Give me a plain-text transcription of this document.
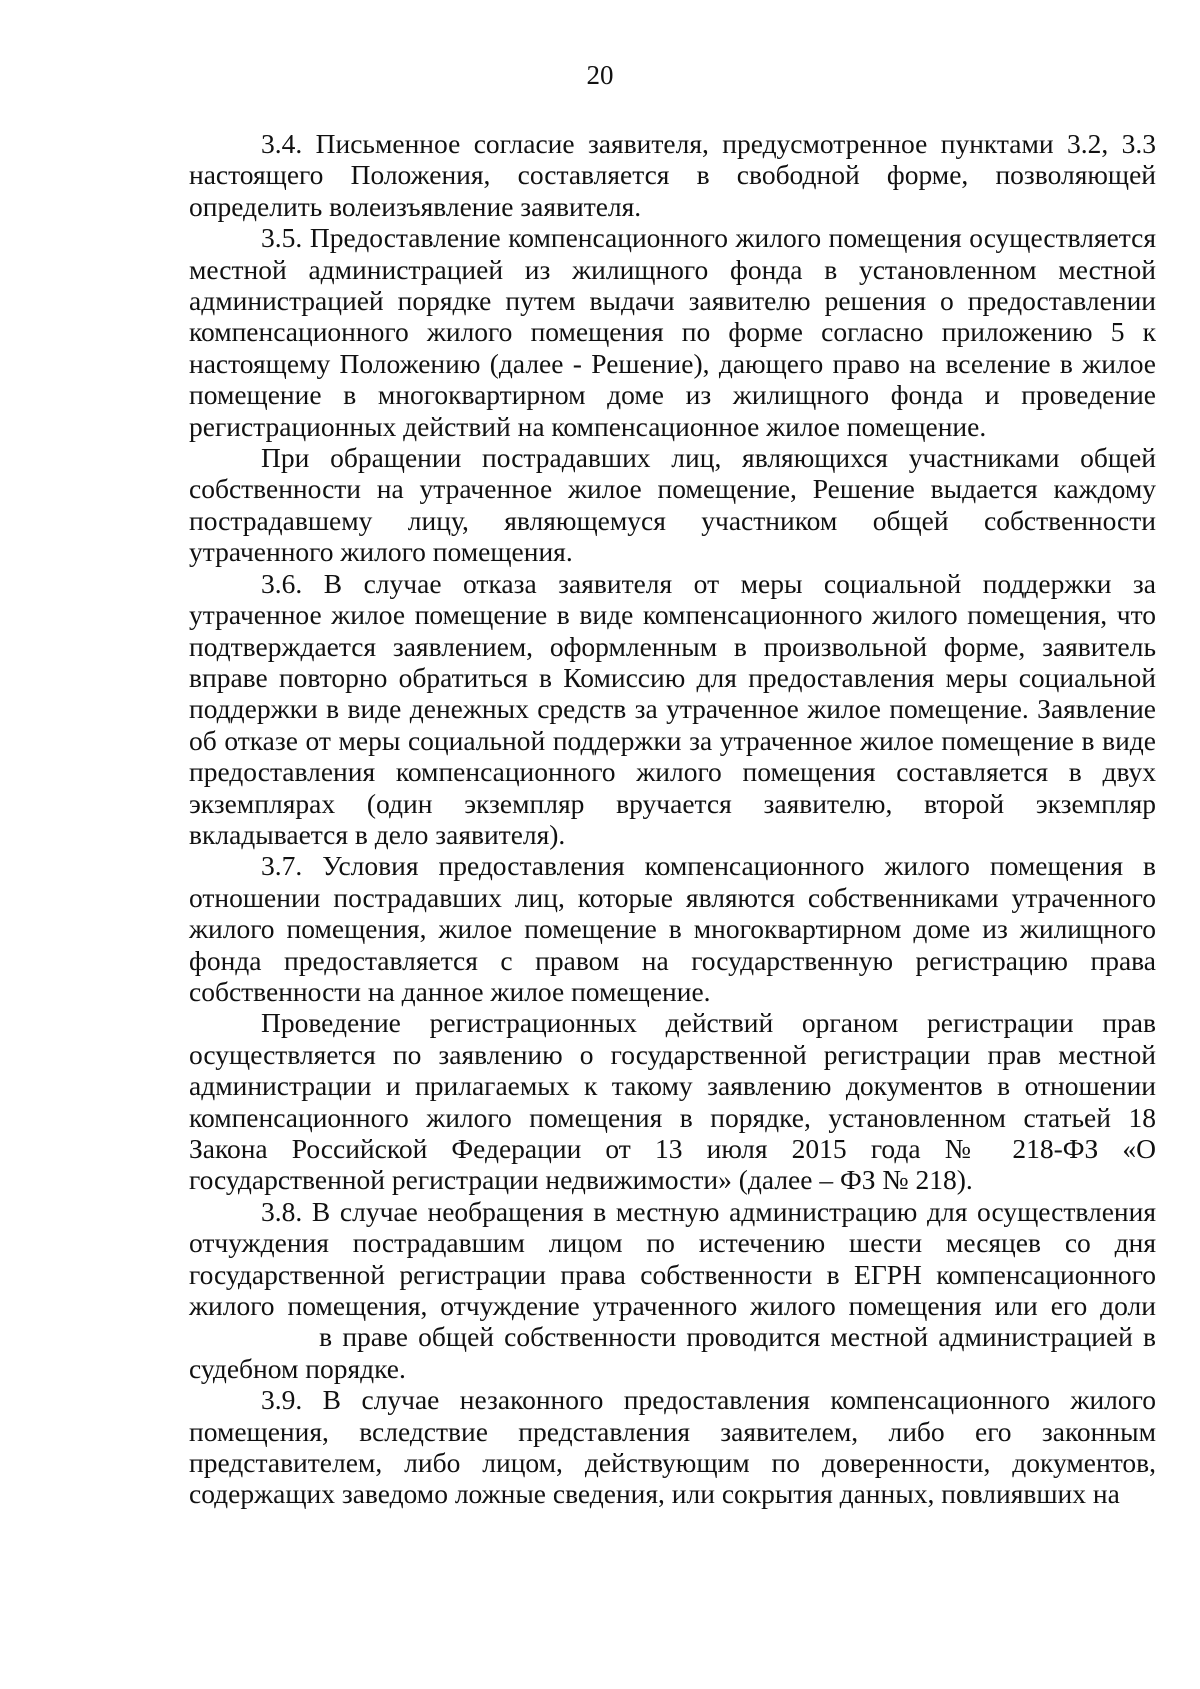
20

3.4. Письменное согласие заявителя, предусмотренное пунктами 3.2, 3.3 настоящего Положения, составляется в свободной форме, позволяющей определить волеизъявление заявителя.

3.5. Предоставление компенсационного жилого помещения осуществляется местной администрацией из жилищного фонда в установленном местной администрацией порядке путем выдачи заявителю решения о предоставлении компенсационного жилого помещения по форме согласно приложению 5 к настоящему Положению (далее - Решение), дающего право на вселение в жилое помещение в многоквартирном доме из жилищного фонда и проведение регистрационных действий на компенсационное жилое помещение.

При обращении пострадавших лиц, являющихся участниками общей собственности на утраченное жилое помещение, Решение выдается каждому пострадавшему лицу, являющемуся участником общей собственности утраченного жилого помещения.

3.6. В случае отказа заявителя от меры социальной поддержки за утраченное жилое помещение в виде компенсационного жилого помещения, что подтверждается заявлением, оформленным в произвольной форме, заявитель вправе повторно обратиться в Комиссию для предоставления меры социальной поддержки в виде денежных средств за утраченное жилое помещение. Заявление об отказе от меры социальной поддержки за утраченное жилое помещение в виде предоставления компенсационного жилого помещения составляется в двух экземплярах (один экземпляр вручается заявителю, второй экземпляр вкладывается в дело заявителя).

3.7. Условия предоставления компенсационного жилого помещения в отношении пострадавших лиц, которые являются собственниками утраченного жилого помещения, жилое помещение в многоквартирном доме из жилищного фонда предоставляется с правом на государственную регистрацию права собственности на данное жилое помещение.

Проведение регистрационных действий органом регистрации прав осуществляется по заявлению о государственной регистрации прав местной администрации и прилагаемых к такому заявлению документов в отношении компенсационного жилого помещения в порядке, установленном статьей 18 Закона Российской Федерации от 13 июля 2015 года № 218-ФЗ «О государственной регистрации недвижимости» (далее – ФЗ № 218).

3.8. В случае необращения в местную администрацию для осуществления отчуждения пострадавшим лицом по истечению шести месяцев со дня государственной регистрации права собственности в ЕГРН компенсационного жилого помещения, отчуждение утраченного жилого помещения или его доли  в праве общей собственности проводится местной администрацией в судебном порядке.

3.9. В случае незаконного предоставления компенсационного жилого помещения, вследствие представления заявителем, либо его законным представителем, либо лицом, действующим по доверенности, документов, содержащих заведомо ложные сведения, или сокрытия данных, повлиявших на
